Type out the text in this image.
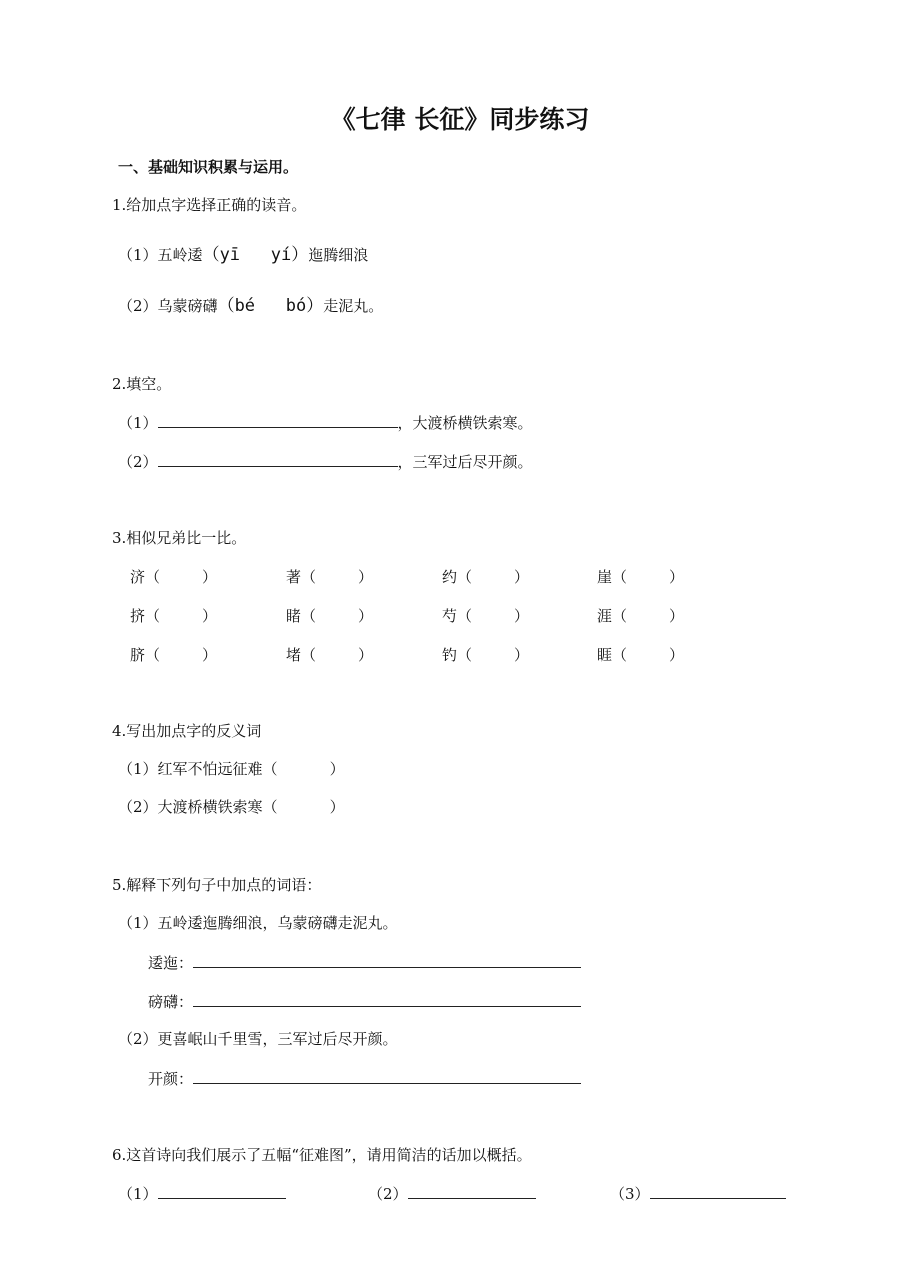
《七律 长征》同步练习
一、基础知识积累与运用。
1.给加点字选择正确的读音。
（1）五岭逶（yī yí）迤腾细浪
（2）乌蒙磅礴（bé bó）走泥丸。
2.填空。
（1）	，大渡桥横铁索寒。
（2）	，三军过后尽开颜。
3.相似兄弟比一比。
济（	）	著（	）	约（	）	崖（	）
挤（	）	睹（	）	芍（	）	涯（	）
脐（	）	堵（	）	钓（	）	睚（	）
4.写出加点字的反义词
（1）红军不怕远征难（	）
（2）大渡桥横铁索寒（	）
5.解释下列句子中加点的词语：
（1）五岭逶迤腾细浪，乌蒙磅礴走泥丸。
逶迤：
磅礴：
（2）更喜岷山千里雪，三军过后尽开颜。
开颜：
6.这首诗向我们展示了五幅“征难图”，请用简洁的话加以概括。
（1）	（2）	（3）
